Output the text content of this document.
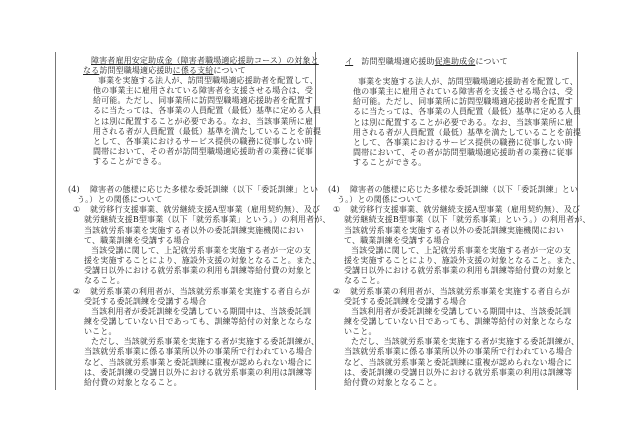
障害者雇用安定助成金（障害者職場適応援助コース）の対象と
なる訪問型職場適応援助に係る支給について
事業を実施する法人が、訪問型職場適応援助者を配置して、
他の事業主に雇用されている障害者を支援させる場合は、受
給可能。ただし、同事業所に訪問型職場適応援助者を配置す
るに当たっては、各事業の人員配置（最低）基準に定める人員
とは別に配置することが必要である。なお、当該事業所に雇
用される者が人員配置（最低）基準を満たしていることを前提
として、各事業におけるサービス提供の職務に従事しない時
間帯において、その者が訪問型職場適応援助者の業務に従事
することができる。
(4) 障害者の態様に応じた多様な委託訓練（以下「委託訓練」とい
う。）との関係について
① 就労移行支援事業、就労継続支援A型事業（雇用契約無）、及び
就労継続支援B型事業（以下「就労系事業」という。）の利用者が、
当該就労系事業を実施する者以外の委託訓練実施機関におい
て、職業訓練を受講する場合
当該受講に関して、上記就労系事業を実施する者が一定の支
援を実施することにより、施設外支援の対象となること。また、
受講日以外における就労系事業の利用も訓練等給付費の対象と
なること。
② 就労系事業の利用者が、当該就労系事業を実施する者自らが
受託する委託訓練を受講する場合
当該利用者が委託訓練を受講している期間中は、当該委託訓
練を受講していない日であっても、訓練等給付の対象とならな
いこと。
ただし、当該就労系事業を実施する者が実施する委託訓練が、
当該就労系事業に係る事業所以外の事業所で行われている場合
など、当該就労系事業と委託訓練に重複が認められない場合に
は、委託訓練の受講日以外における就労系事業の利用は訓練等
給付費の対象となること。
イ　訪問型職場適応援助促進助成金について
事業を実施する法人が、訪問型職場適応援助者を配置して、
他の事業主に雇用されている障害者を支援させる場合は、受
給可能。ただし、同事業所に訪問型職場適応援助者を配置す
るに当たっては、各事業の人員配置（最低）基準に定める人員
とは別に配置することが必要である。なお、当該事業所に雇
用される者が人員配置（最低）基準を満たしていることを前提
として、各事業におけるサービス提供の職務に従事しない時
間帯において、その者が訪問型職場適応援助者の業務に従事
することができる。
(4) 障害者の態様に応じた多様な委託訓練（以下「委託訓練」とい
う。）との関係について
① 就労移行支援事業、就労継続支援A型事業（雇用契約無）、及び
就労継続支援B型事業（以下「就労系事業」という。）の利用者が、
当該就労系事業を実施する者以外の委託訓練実施機関におい
て、職業訓練を受講する場合
当該受講に関して、上記就労系事業を実施する者が一定の支
援を実施することにより、施設外支援の対象となること。また、
受講日以外における就労系事業の利用も訓練等給付費の対象と
なること。
② 就労系事業の利用者が、当該就労系事業を実施する者自らが
受託する委託訓練を受講する場合
当該利用者が委託訓練を受講している期間中は、当該委託訓
練を受講していない日であっても、訓練等給付の対象とならな
いこと。
ただし、当該就労系事業を実施する者が実施する委託訓練が、
当該就労系事業に係る事業所以外の事業所で行われている場合
など、当該就労系事業と委託訓練に重複が認められない場合に
は、委託訓練の受講日以外における就労系事業の利用は訓練等
給付費の対象となること。
